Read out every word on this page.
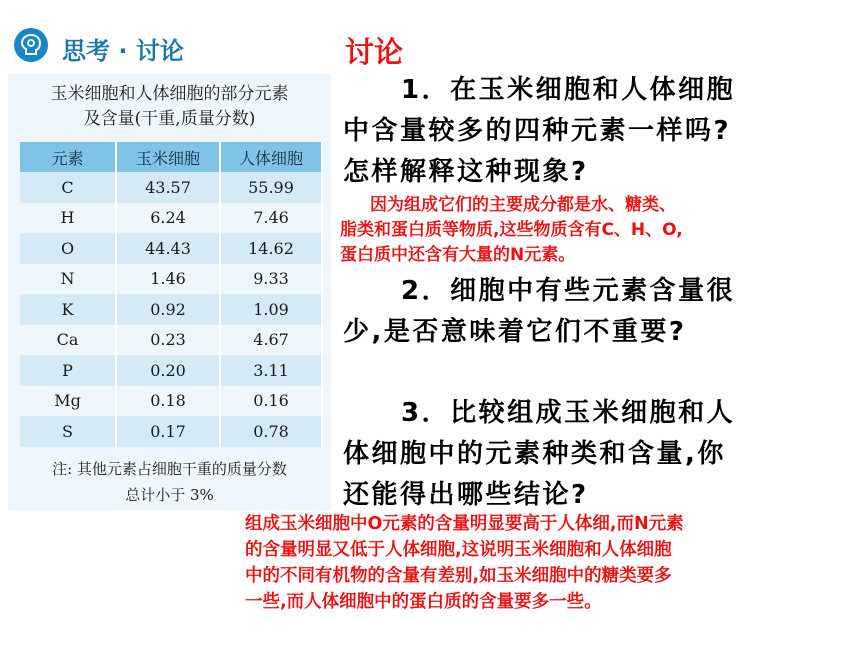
思考 · 讨论
玉米细胞和人体细胞的部分元素
及含量(干重,质量分数)
元素	玉米细胞	人体细胞
C	43.57	55.99
H	6.24	7.46
O	44.43	14.62
N	1.46	9.33
K	0.92	1.09
Ca	0.23	4.67
P	0.20	3.11
Mg	0.18	0.16
S	0.17	0.78
注: 其他元素占细胞干重的质量分数
总计小于 3%
讨论
1．在玉米细胞和人体细胞
中含量较多的四种元素一样吗?
怎样解释这种现象?
因为组成它们的主要成分都是水、糖类、
脂类和蛋白质等物质,这些物质含有C、H、O,
蛋白质中还含有大量的N元素。
2．细胞中有些元素含量很
少,是否意味着它们不重要?
3．比较组成玉米细胞和人
体细胞中的元素种类和含量,你
还能得出哪些结论?
组成玉米细胞中O元素的含量明显要高于人体细,而N元素
的含量明显又低于人体细胞,这说明玉米细胞和人体细胞
中的不同有机物的含量有差别,如玉米细胞中的糖类要多
一些,而人体细胞中的蛋白质的含量要多一些。
